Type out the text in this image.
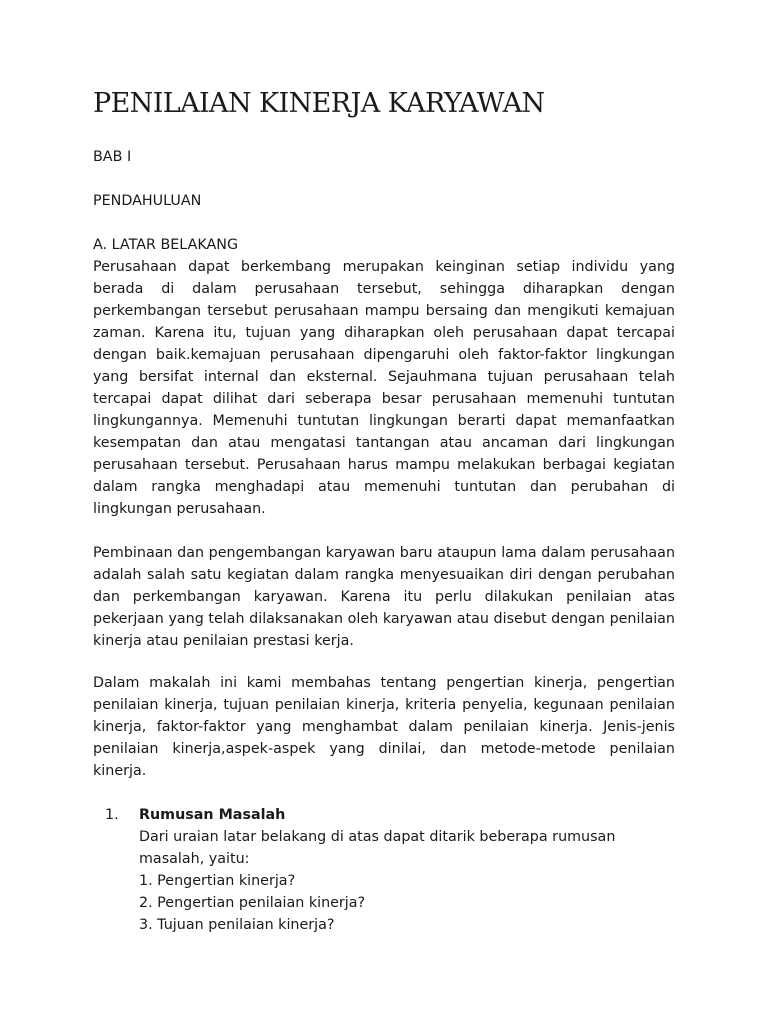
PENILAIAN KINERJA KARYAWAN

BAB I

PENDAHULUAN

A. LATAR BELAKANG

Perusahaan dapat berkembang merupakan keinginan setiap individu yang berada di dalam perusahaan tersebut, sehingga diharapkan dengan perkembangan tersebut perusahaan mampu bersaing dan mengikuti kemajuan zaman. Karena itu, tujuan yang diharapkan oleh perusahaan dapat tercapai dengan baik.kemajuan perusahaan dipengaruhi oleh faktor-faktor lingkungan yang bersifat internal dan eksternal. Sejauhmana tujuan perusahaan telah tercapai dapat dilihat dari seberapa besar perusahaan memenuhi tuntutan lingkungannya. Memenuhi tuntutan lingkungan berarti dapat memanfaatkan kesempatan dan atau mengatasi tantangan atau ancaman dari lingkungan perusahaan tersebut. Perusahaan harus mampu melakukan berbagai kegiatan dalam rangka menghadapi atau memenuhi tuntutan dan perubahan di lingkungan perusahaan.

Pembinaan dan pengembangan karyawan baru ataupun lama dalam perusahaan adalah salah satu kegiatan dalam rangka menyesuaikan diri dengan perubahan dan perkembangan karyawan. Karena itu perlu dilakukan penilaian atas pekerjaan yang telah dilaksanakan oleh karyawan atau disebut dengan penilaian kinerja atau penilaian prestasi kerja.

Dalam makalah ini kami membahas tentang pengertian kinerja, pengertian penilaian kinerja, tujuan penilaian kinerja, kriteria penyelia, kegunaan penilaian kinerja, faktor-faktor yang menghambat dalam penilaian kinerja. Jenis-jenis penilaian kinerja,aspek-aspek yang dinilai, dan metode-metode penilaian kinerja.

1. Rumusan Masalah

Dari uraian latar belakang di atas dapat ditarik beberapa rumusan masalah, yaitu:

1. Pengertian kinerja?
2. Pengertian penilaian kinerja?
3. Tujuan penilaian kinerja?
